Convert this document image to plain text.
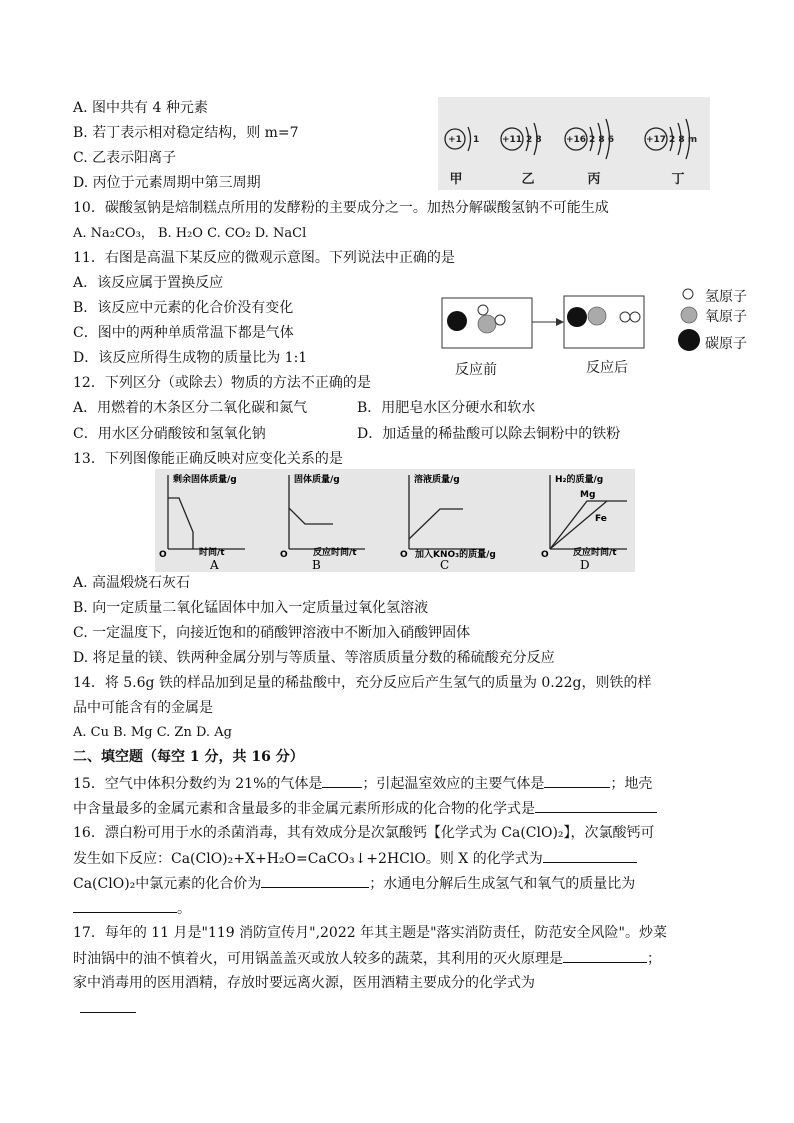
A. 图中共有 4 种元素
B. 若丁表示相对稳定结构，则 m=7
C. 乙表示阳离子
D. 丙位于元素周期中第三周期
+1 1	+11 2 8	+16 2 8 6	+17 2 8 m
甲	乙	丙	丁
10．碳酸氢钠是焙制糕点所用的发酵粉的主要成分之一。加热分解碳酸氢钠不可能生成
A. Na₂CO₃， B. H₂O C. CO₂ D. NaCl
11．右图是高温下某反应的微观示意图。下列说法中正确的是
A．该反应属于置换反应
B．该反应中元素的化合价没有变化
C．图中的两种单质常温下都是气体
D．该反应所得生成物的质量比为 1:1
反应前	反应后
氢原子
氧原子
碳原子
12．下列区分（或除去）物质的方法不正确的是
A．用燃着的木条区分二氧化碳和氮气	B．用肥皂水区分硬水和软水
C．用水区分硝酸铵和氢氧化钠	D．加适量的稀盐酸可以除去铜粉中的铁粉
13．下列图像能正确反映对应变化关系的是
剩余固体质量/g
时间/t
O
A
固体质量/g
反应时间/t
O
B
溶液质量/g
加入KNO₃的质量/g
O
C
H₂的质量/g
Mg
Fe
反应时间/t
O
D
A. 高温煅烧石灰石
B. 向一定质量二氧化锰固体中加入一定质量过氧化氢溶液
C. 一定温度下，向接近饱和的硝酸钾溶液中不断加入硝酸钾固体
D. 将足量的镁、铁两种金属分别与等质量、等溶质质量分数的稀硫酸充分反应
14．将 5.6g 铁的样品加到足量的稀盐酸中，充分反应后产生氢气的质量为 0.22g，则铁的样
品中可能含有的金属是
A. Cu B. Mg C. Zn D. Ag
二、填空题（每空 1 分，共 16 分）
15．空气中体积分数约为 21%的气体是	；引起温室效应的主要气体是	；地壳
中含量最多的金属元素和含量最多的非金属元素所形成的化合物的化学式是
16．漂白粉可用于水的杀菌消毒，其有效成分是次氯酸钙【化学式为 Ca(ClO)₂】，次氯酸钙可
发生如下反应：Ca(ClO)₂+X+H₂O=CaCO₃↓+2HClO。则 X 的化学式为
Ca(ClO)₂中氯元素的化合价为	；水通电分解后生成氢气和氧气的质量比为
。
17．每年的 11 月是"119 消防宣传月",2022 年其主题是"落实消防责任，防范安全风险"。炒菜
时油锅中的油不慎着火，可用锅盖盖灭或放人较多的蔬菜，其利用的灭火原理是	；
家中消毒用的医用酒精，存放时要远离火源，医用酒精主要成分的化学式为
